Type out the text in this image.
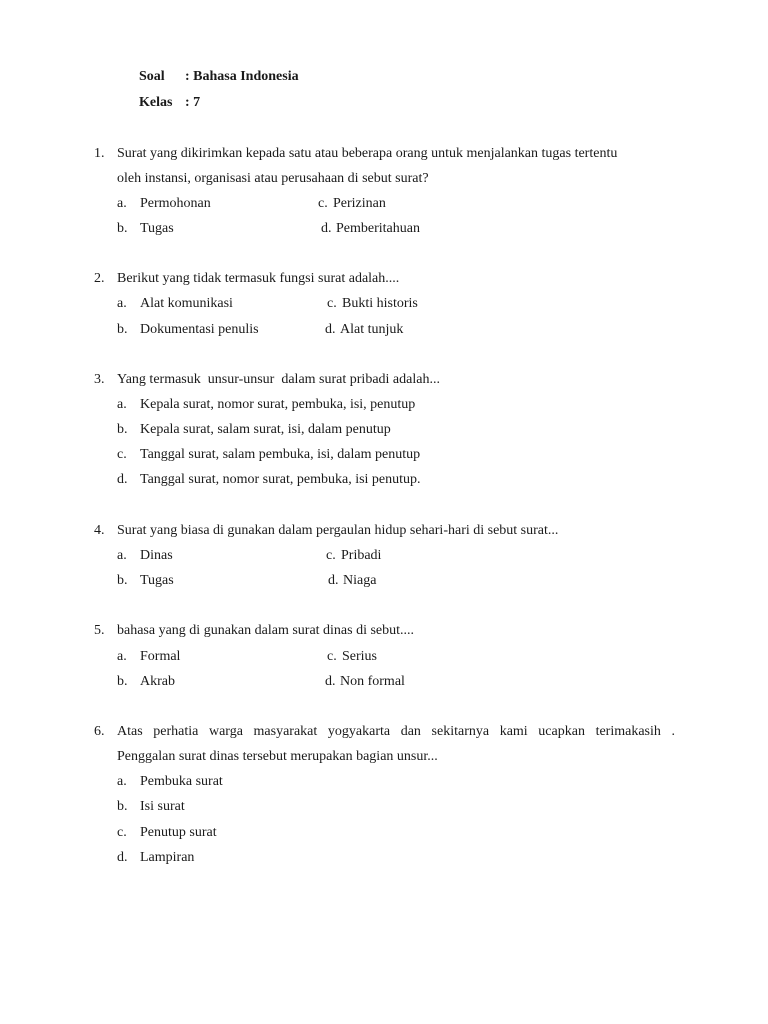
Soal : Bahasa Indonesia
Kelas : 7
1. Surat yang dikirimkan kepada satu atau beberapa orang untuk menjalankan tugas tertentu
oleh instansi, organisasi atau perusahaan di sebut surat?
a. Permohonan
b. Tugas
c. Perizinan
d. Pemberitahuan
2. Berikut yang tidak termasuk fungsi surat adalah....
a. Alat komunikasi
b. Dokumentasi penulis
c. Bukti historis
d. Alat tunjuk
3. Yang termasuk  unsur-unsur  dalam surat pribadi adalah...
a. Kepala surat, nomor surat, pembuka, isi, penutup
b. Kepala surat, salam surat, isi, dalam penutup
c. Tanggal surat, salam pembuka, isi, dalam penutup
d. Tanggal surat, nomor surat, pembuka, isi penutup.
4. Surat yang biasa di gunakan dalam pergaulan hidup sehari-hari di sebut surat...
a. Dinas
b. Tugas
c. Pribadi
d. Niaga
5. bahasa yang di gunakan dalam surat dinas di sebut....
a. Formal
b. Akrab
c. Serius
d. Non formal
6. Atas perhatia warga masyarakat yogyakarta dan sekitarnya kami ucapkan terimakasih .
Penggalan surat dinas tersebut merupakan bagian unsur...
a. Pembuka surat
b. Isi surat
c. Penutup surat
d. Lampiran
